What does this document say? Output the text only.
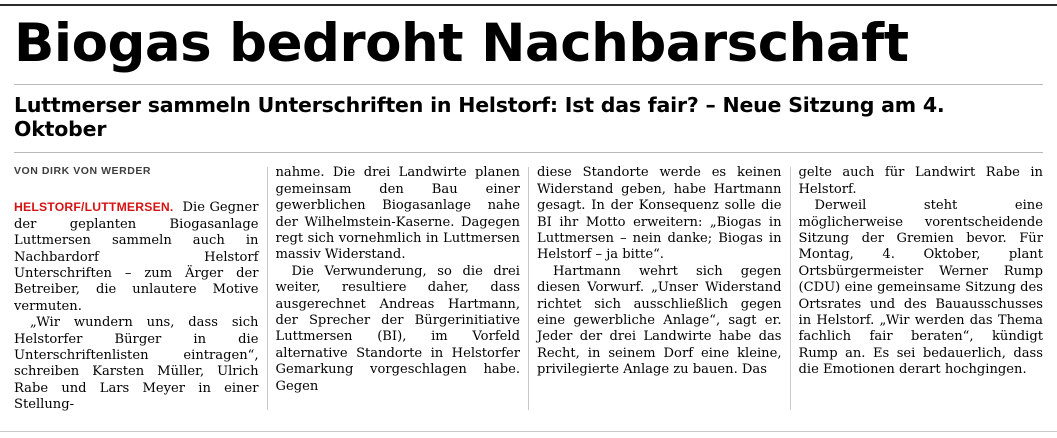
Biogas bedroht Nachbarschaft
Luttmerser sammeln Unterschriften in Helstorf: Ist das fair? – Neue Sitzung am 4. Oktober
VON DIRK VON WERDER

HELSTORF/LUTTMERSEN. Die Gegner der geplanten Biogasanlage Luttmersen sammeln auch in Nachbardorf Helstorf Unterschriften – zum Ärger der Betreiber, die unlautere Motive vermuten.

„Wir wundern uns, dass sich Helstorfer Bürger in die Unterschriftenlisten eintragen“, schreiben Karsten Müller, Ulrich Rabe und Lars Meyer in einer Stellung-

nahme. Die drei Landwirte planen gemeinsam den Bau einer gewerblichen Biogasanlage nahe der Wilhelmstein-Kaserne. Dagegen regt sich vornehmlich in Luttmersen massiv Widerstand.

Die Verwunderung, so die drei weiter, resultiere daher, dass ausgerechnet Andreas Hartmann, der Sprecher der Bürgerinitiative Luttmersen (BI), im Vorfeld alternative Standorte in Helstorfer Gemarkung vorgeschlagen habe. Gegen

diese Standorte werde es keinen Widerstand geben, habe Hartmann gesagt. In der Konsequenz solle die BI ihr Motto erweitern: „Biogas in Luttmersen – nein danke; Biogas in Helstorf – ja bitte“.

Hartmann wehrt sich gegen diesen Vorwurf. „Unser Widerstand richtet sich ausschließlich gegen eine gewerbliche Anlage“, sagt er. Jeder der drei Landwirte habe das Recht, in seinem Dorf eine kleine, privilegierte Anlage zu bauen. Das

gelte auch für Landwirt Rabe in Helstorf.

Derweil steht eine möglicherweise vorentscheidende Sitzung der Gremien bevor. Für Montag, 4. Oktober, plant Ortsbürgermeister Werner Rump (CDU) eine gemeinsame Sitzung des Ortsrates und des Bauausschusses in Helstorf. „Wir werden das Thema fachlich fair beraten“, kündigt Rump an. Es sei bedauerlich, dass die Emotionen derart hochgingen.
